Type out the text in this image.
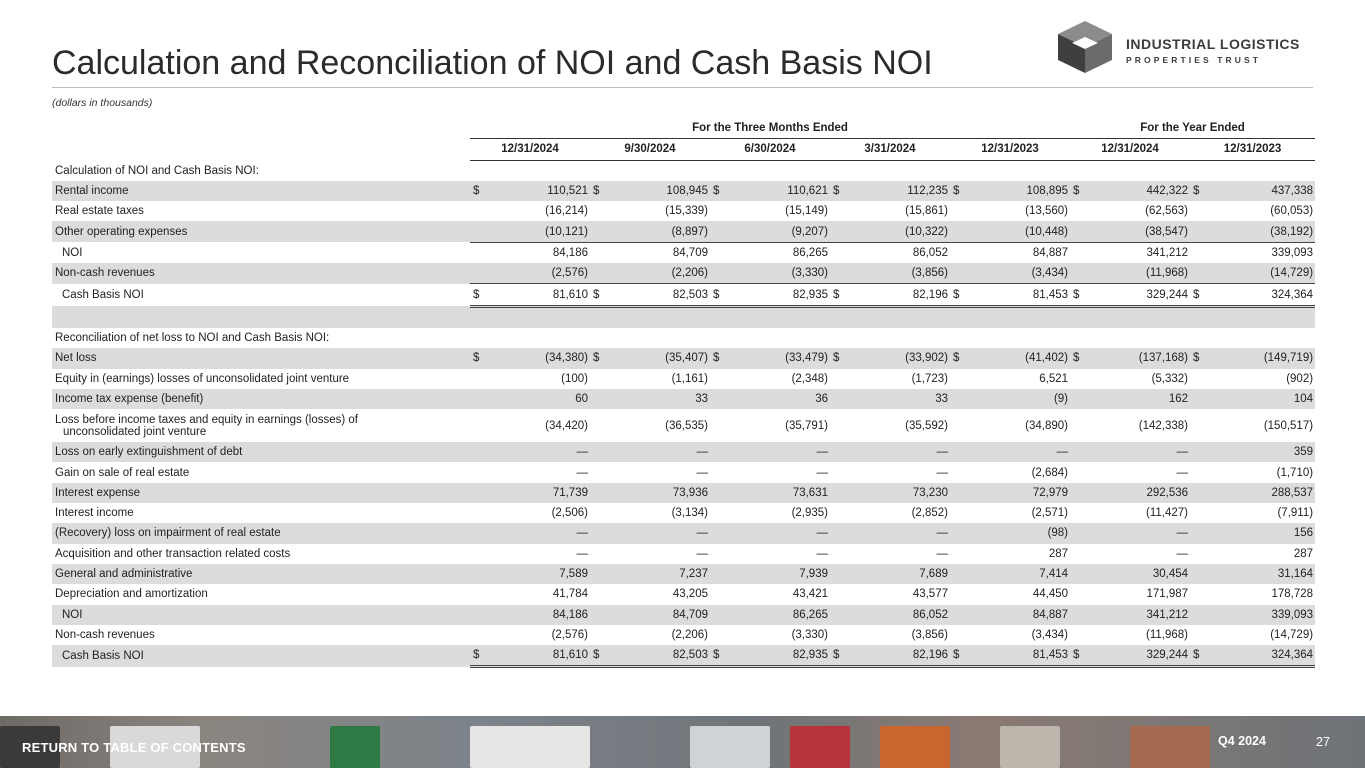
Calculation and Reconciliation of NOI and Cash Basis NOI	INDUSTRIAL LOGISTICS
PROPERTIES TRUST
(dollars in thousands)
	For the Three Months Ended										For the Year Ended			
	12/31/2024		9/30/2024		6/30/2024		3/31/2024		12/31/2023		12/31/2024		12/31/2023	
Calculation of NOI and Cash Basis NOI:														
Rental income	$	110,521	$	108,945	$	110,621	$	112,235	$	108,895	$	442,322	$	437,338
Real estate taxes		(16,214)		(15,339)		(15,149)		(15,861)		(13,560)		(62,563)		(60,053)
Other operating expenses		(10,121)		(8,897)		(9,207)		(10,322)		(10,448)		(38,547)		(38,192)
NOI		84,186		84,709		86,265		86,052		84,887		341,212		339,093
Non-cash revenues		(2,576)		(2,206)		(3,330)		(3,856)		(3,434)		(11,968)		(14,729)
Cash Basis NOI	$	81,610	$	82,503	$	82,935	$	82,196	$	81,453	$	329,244	$	324,364

Reconciliation of net loss to NOI and Cash Basis NOI:														
Net loss	$	(34,380)	$	(35,407)	$	(33,479)	$	(33,902)	$	(41,402)	$	(137,168)	$	(149,719)
Equity in (earnings) losses of unconsolidated joint venture		(100)		(1,161)		(2,348)		(1,723)		6,521		(5,332)		(902)
Income tax expense (benefit)		60		33		36		33		(9)		162		104
Loss before income taxes and equity in earnings (losses) of
unconsolidated joint venture		(34,420)		(36,535)		(35,791)		(35,592)		(34,890)		(142,338)		(150,517)
Loss on early extinguishment of debt		—		—		—		—		—		—		359
Gain on sale of real estate		—		—		—		—		(2,684)		—		(1,710)
Interest expense		71,739		73,936		73,631		73,230		72,979		292,536		288,537
Interest income		(2,506)		(3,134)		(2,935)		(2,852)		(2,571)		(11,427)		(7,911)
(Recovery) loss on impairment of real estate		—		—		—		—		(98)		—		156
Acquisition and other transaction related costs		—		—		—		—		287		—		287
General and administrative		7,589		7,237		7,939		7,689		7,414		30,454		31,164
Depreciation and amortization		41,784		43,205		43,421		43,577		44,450		171,987		178,728
NOI		84,186		84,709		86,265		86,052		84,887		341,212		339,093
Non-cash revenues		(2,576)		(2,206)		(3,330)		(3,856)		(3,434)		(11,968)		(14,729)
Cash Basis NOI	$	81,610	$	82,503	$	82,935	$	82,196	$	81,453	$	329,244	$	324,364
RETURN TO TABLE OF CONTENTS	Q4 2024	27
